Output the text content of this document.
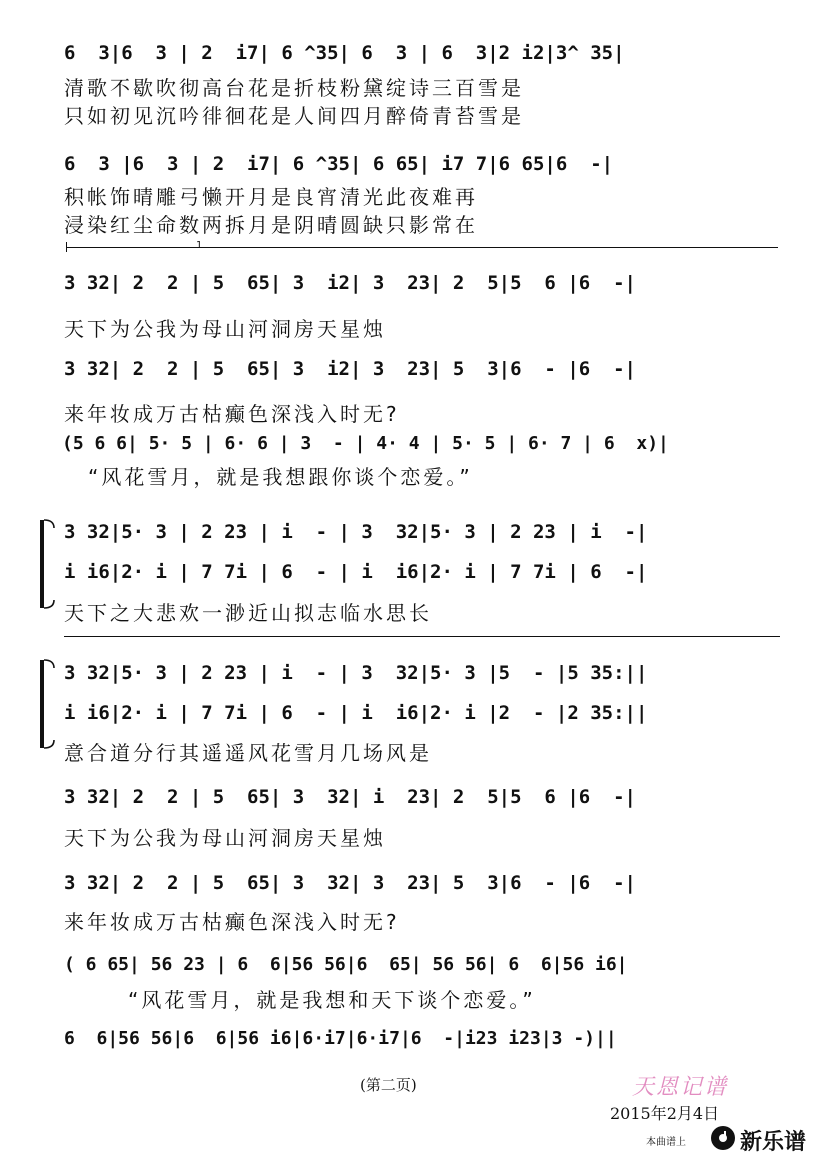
6  3|6  3 | 2  i7| 6 ^35| 6  3 | 6  3|2 i2|3^ 35|
清歌不歇吹彻高台花是折枝粉黛绽诗三百雪是
只如初见沉吟徘徊花是人间四月醉倚青苔雪是
6  3 |6  3 | 2  i7| 6 ^35| 6 65| i7 7|6 65|6  -|
积帐饰晴雕弓懒开月是良宵清光此夜难再
浸染红尘命数两拆月是阴晴圆缺只影常在
1
3 32| 2  2 | 5  65| 3  i2| 3  23| 2  5|5  6 |6  -|
天下为公我为母山河洞房天星烛
3 32| 2  2 | 5  65| 3  i2| 3  23| 5  3|6  - |6  -|
来年妆成万古枯癫色深浅入时无?
(5 6 6| 5· 5 | 6· 6 | 3  - | 4· 4 | 5· 5 | 6· 7 | 6  x)|
“风花雪月，就是我想跟你谈个恋爱。”
3 32|5· 3 | 2 23 | i  - | 3  32|5· 3 | 2 23 | i  -|
i i6|2· i | 7 7i | 6  - | i  i6|2· i | 7 7i | 6  -|
天下之大悲欢一渺近山拟志临水思长
3 32|5· 3 | 2 23 | i  - | 3  32|5· 3 |5  - |5 35:||
i i6|2· i | 7 7i | 6  - | i  i6|2· i |2  - |2 35:||
意合道分行其遥遥风花雪月几场风是
3 32| 2  2 | 5  65| 3  32| i  23| 2  5|5  6 |6  -|
天下为公我为母山河洞房天星烛
3 32| 2  2 | 5  65| 3  32| 3  23| 5  3|6  - |6  -|
来年妆成万古枯癫色深浅入时无?
( 6 65| 56 23 | 6  6|56 56|6  65| 56 56| 6  6|56 i6|
“风花雪月，就是我想和天下谈个恋爱。”
6  6|56 56|6  6|56 i6|6·i7|6·i7|6  -|i23 i23|3 -)||
(第二页)	天恩记谱
2015年2月4日
本曲谱上 新乐谱
